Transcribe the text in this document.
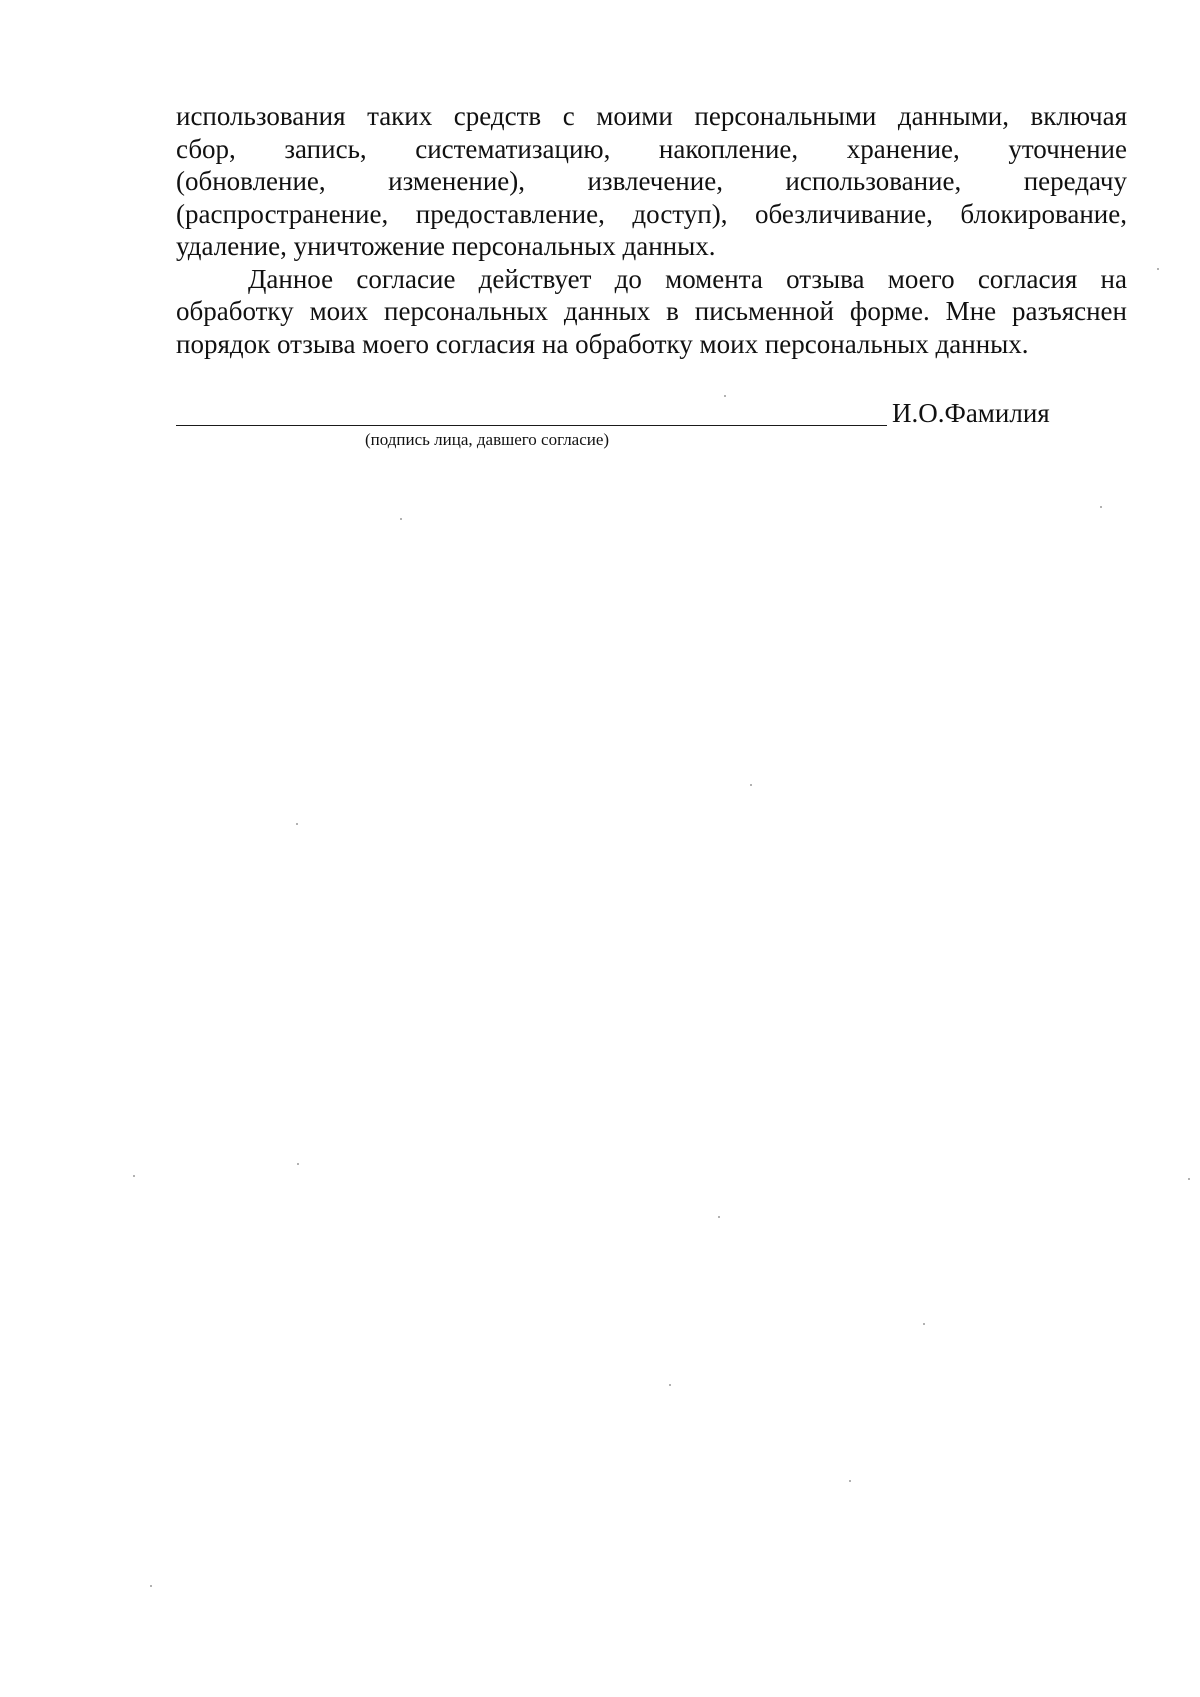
использования таких средств с моими персональными данными, включая
сбор, запись, систематизацию, накопление, хранение, уточнение
(обновление, изменение), извлечение, использование, передачу
(распространение, предоставление, доступ), обезличивание, блокирование,
удаление, уничтожение персональных данных.
Данное согласие действует до момента отзыва моего согласия на
обработку моих персональных данных в письменной форме. Мне разъяснен
порядок отзыва моего согласия на обработку моих персональных данных.
И.О.Фамилия
(подпись лица, давшего согласие)
